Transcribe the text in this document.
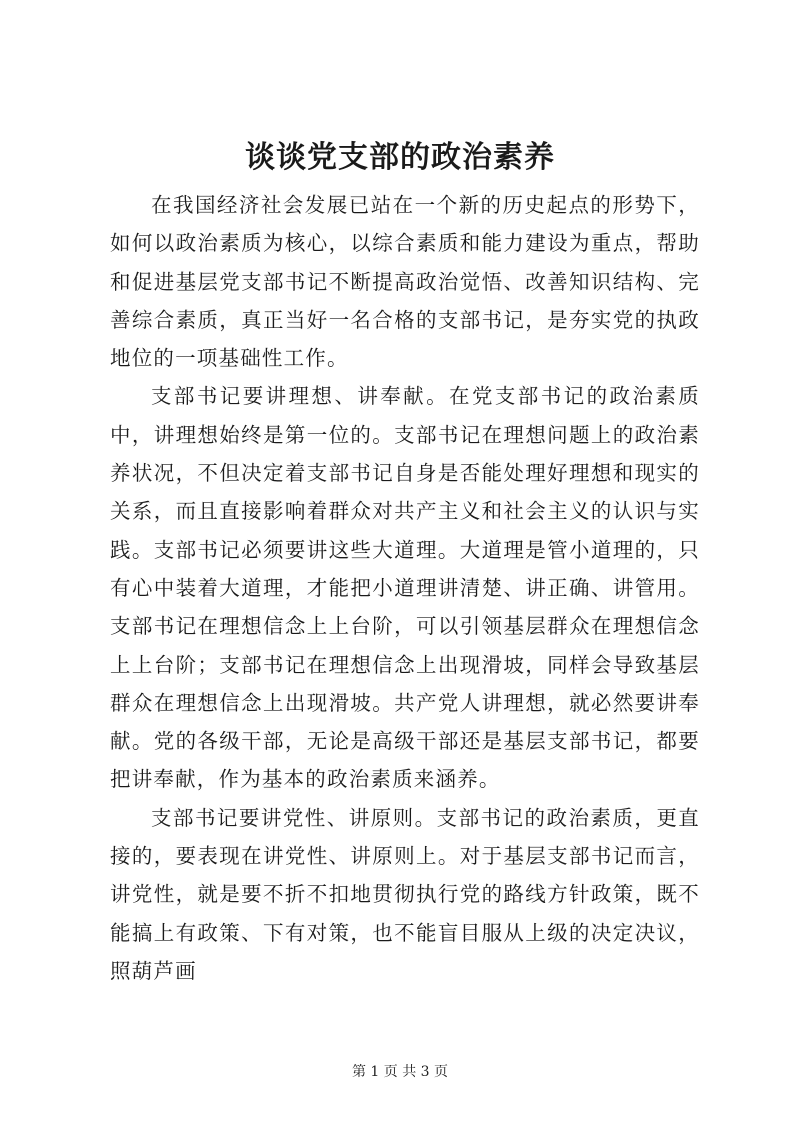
谈谈党支部的政治素养

在我国经济社会发展已站在一个新的历史起点的形势下，如何以政治素质为核心，以综合素质和能力建设为重点，帮助和促进基层党支部书记不断提高政治觉悟、改善知识结构、完善综合素质，真正当好一名合格的支部书记，是夯实党的执政地位的一项基础性工作。

支部书记要讲理想、讲奉献。在党支部书记的政治素质中，讲理想始终是第一位的。支部书记在理想问题上的政治素养状况，不但决定着支部书记自身是否能处理好理想和现实的关系，而且直接影响着群众对共产主义和社会主义的认识与实践。支部书记必须要讲这些大道理。大道理是管小道理的，只有心中装着大道理，才能把小道理讲清楚、讲正确、讲管用。支部书记在理想信念上上台阶，可以引领基层群众在理想信念上上台阶；支部书记在理想信念上出现滑坡，同样会导致基层群众在理想信念上出现滑坡。共产党人讲理想，就必然要讲奉献。党的各级干部，无论是高级干部还是基层支部书记，都要把讲奉献，作为基本的政治素质来涵养。

支部书记要讲党性、讲原则。支部书记的政治素质，更直接的，要表现在讲党性、讲原则上。对于基层支部书记而言，讲党性，就是要不折不扣地贯彻执行党的路线方针政策，既不能搞上有政策、下有对策，也不能盲目服从上级的决定决议，照葫芦画

第 1 页 共 3 页
